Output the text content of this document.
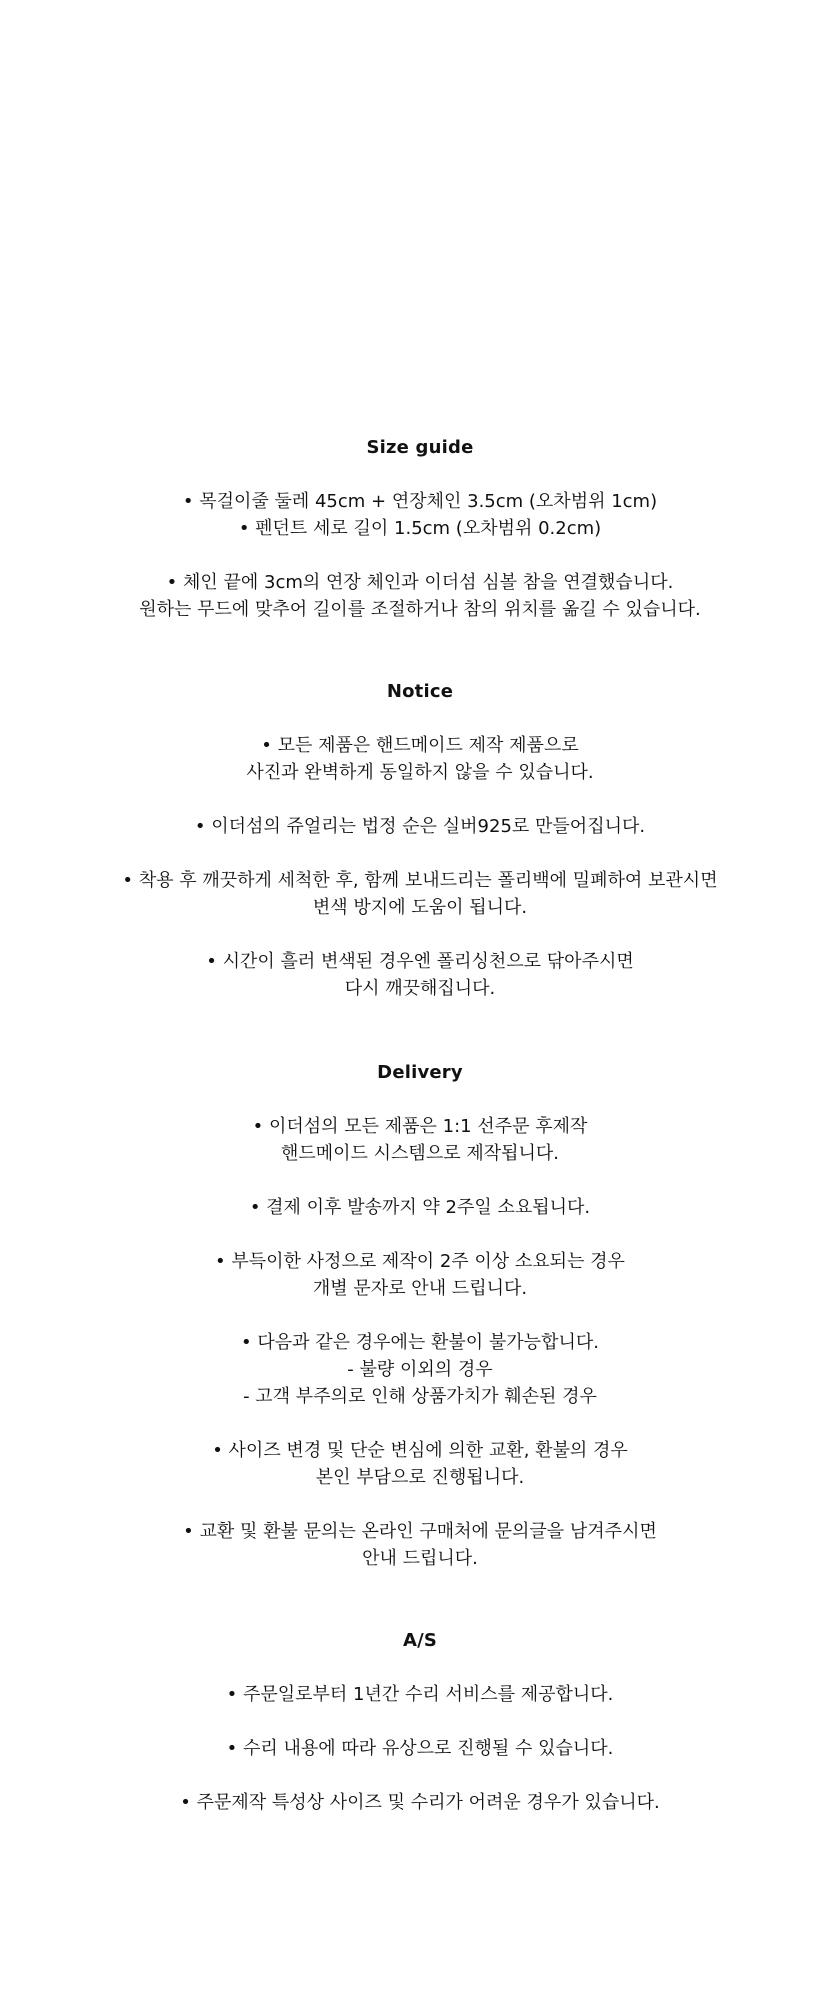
Size guide

• 목걸이줄 둘레 45cm + 연장체인 3.5cm (오차범위 1cm)
• 펜던트 세로 길이 1.5cm (오차범위 0.2cm)

• 체인 끝에 3cm의 연장 체인과 이더섬 심볼 참을 연결했습니다.
원하는 무드에 맞추어 길이를 조절하거나 참의 위치를 옮길 수 있습니다.

Notice

• 모든 제품은 핸드메이드 제작 제품으로
사진과 완벽하게 동일하지 않을 수 있습니다.

• 이더섬의 쥬얼리는 법정 순은 실버925로 만들어집니다.

• 착용 후 깨끗하게 세척한 후, 함께 보내드리는 폴리백에 밀폐하여 보관시면
변색 방지에 도움이 됩니다.

• 시간이 흘러 변색된 경우엔 폴리싱천으로 닦아주시면
다시 깨끗해집니다.

Delivery

• 이더섬의 모든 제품은 1:1 선주문 후제작
핸드메이드 시스템으로 제작됩니다.

• 결제 이후 발송까지 약 2주일 소요됩니다.

• 부득이한 사정으로 제작이 2주 이상 소요되는 경우
개별 문자로 안내 드립니다.

• 다음과 같은 경우에는 환불이 불가능합니다.
- 불량 이외의 경우
- 고객 부주의로 인해 상품가치가 훼손된 경우

• 사이즈 변경 및 단순 변심에 의한 교환, 환불의 경우
본인 부담으로 진행됩니다.

• 교환 및 환불 문의는 온라인 구매처에 문의글을 남겨주시면
안내 드립니다.

A/S

• 주문일로부터 1년간 수리 서비스를 제공합니다.

• 수리 내용에 따라 유상으로 진행될 수 있습니다.

• 주문제작 특성상 사이즈 및 수리가 어려운 경우가 있습니다.
